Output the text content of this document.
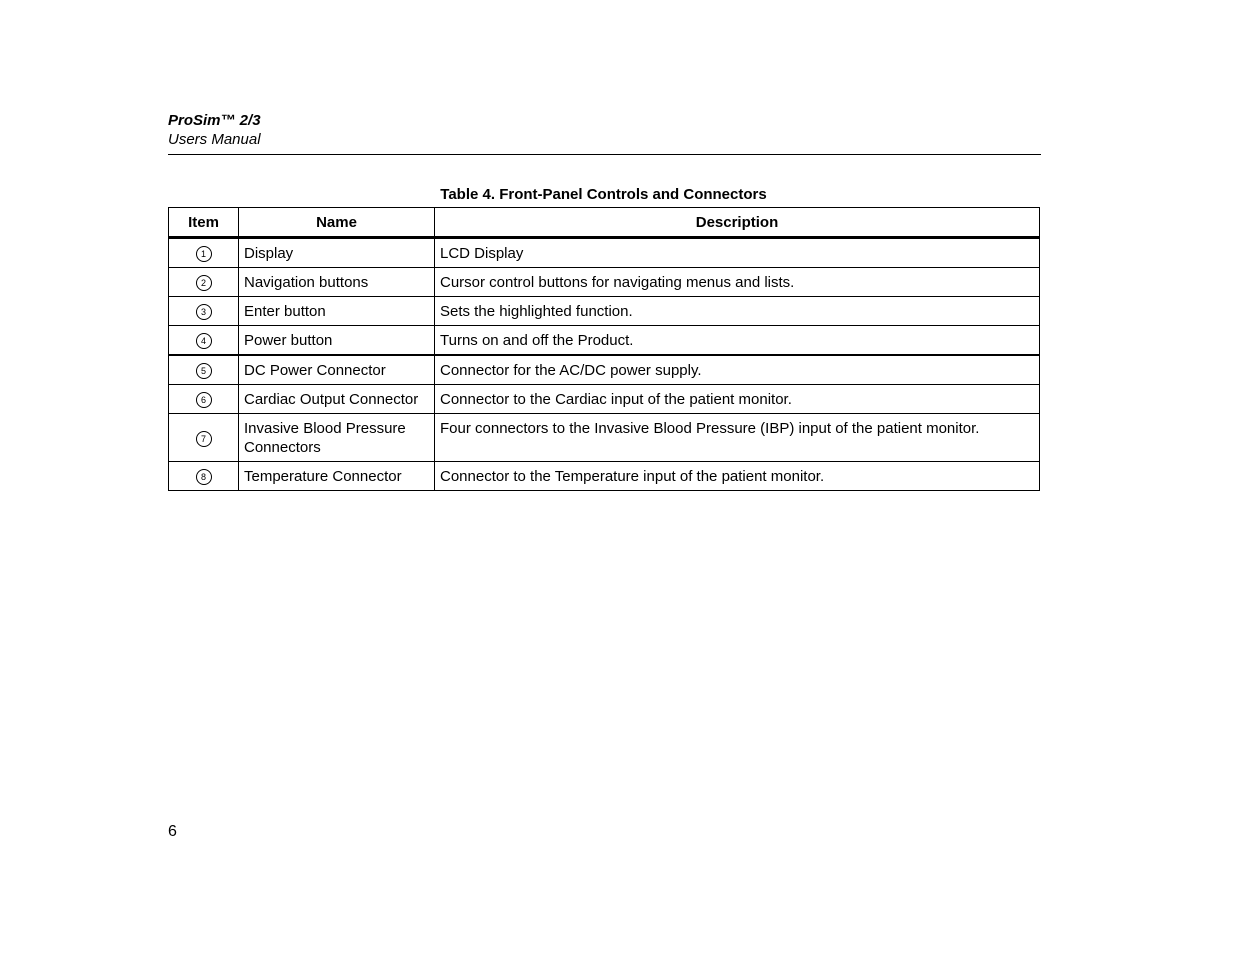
ProSim™ 2/3
Users Manual
Table 4. Front-Panel Controls and Connectors
Item	Name	Description
1	Display	LCD Display
2	Navigation buttons	Cursor control buttons for navigating menus and lists.
3	Enter button	Sets the highlighted function.
4	Power button	Turns on and off the Product.
5	DC Power Connector	Connector for the AC/DC power supply.
6	Cardiac Output Connector	Connector to the Cardiac input of the patient monitor.
7	Invasive Blood Pressure Connectors	Four connectors to the Invasive Blood Pressure (IBP) input of the patient monitor.
8	Temperature Connector	Connector to the Temperature input of the patient monitor.
6
